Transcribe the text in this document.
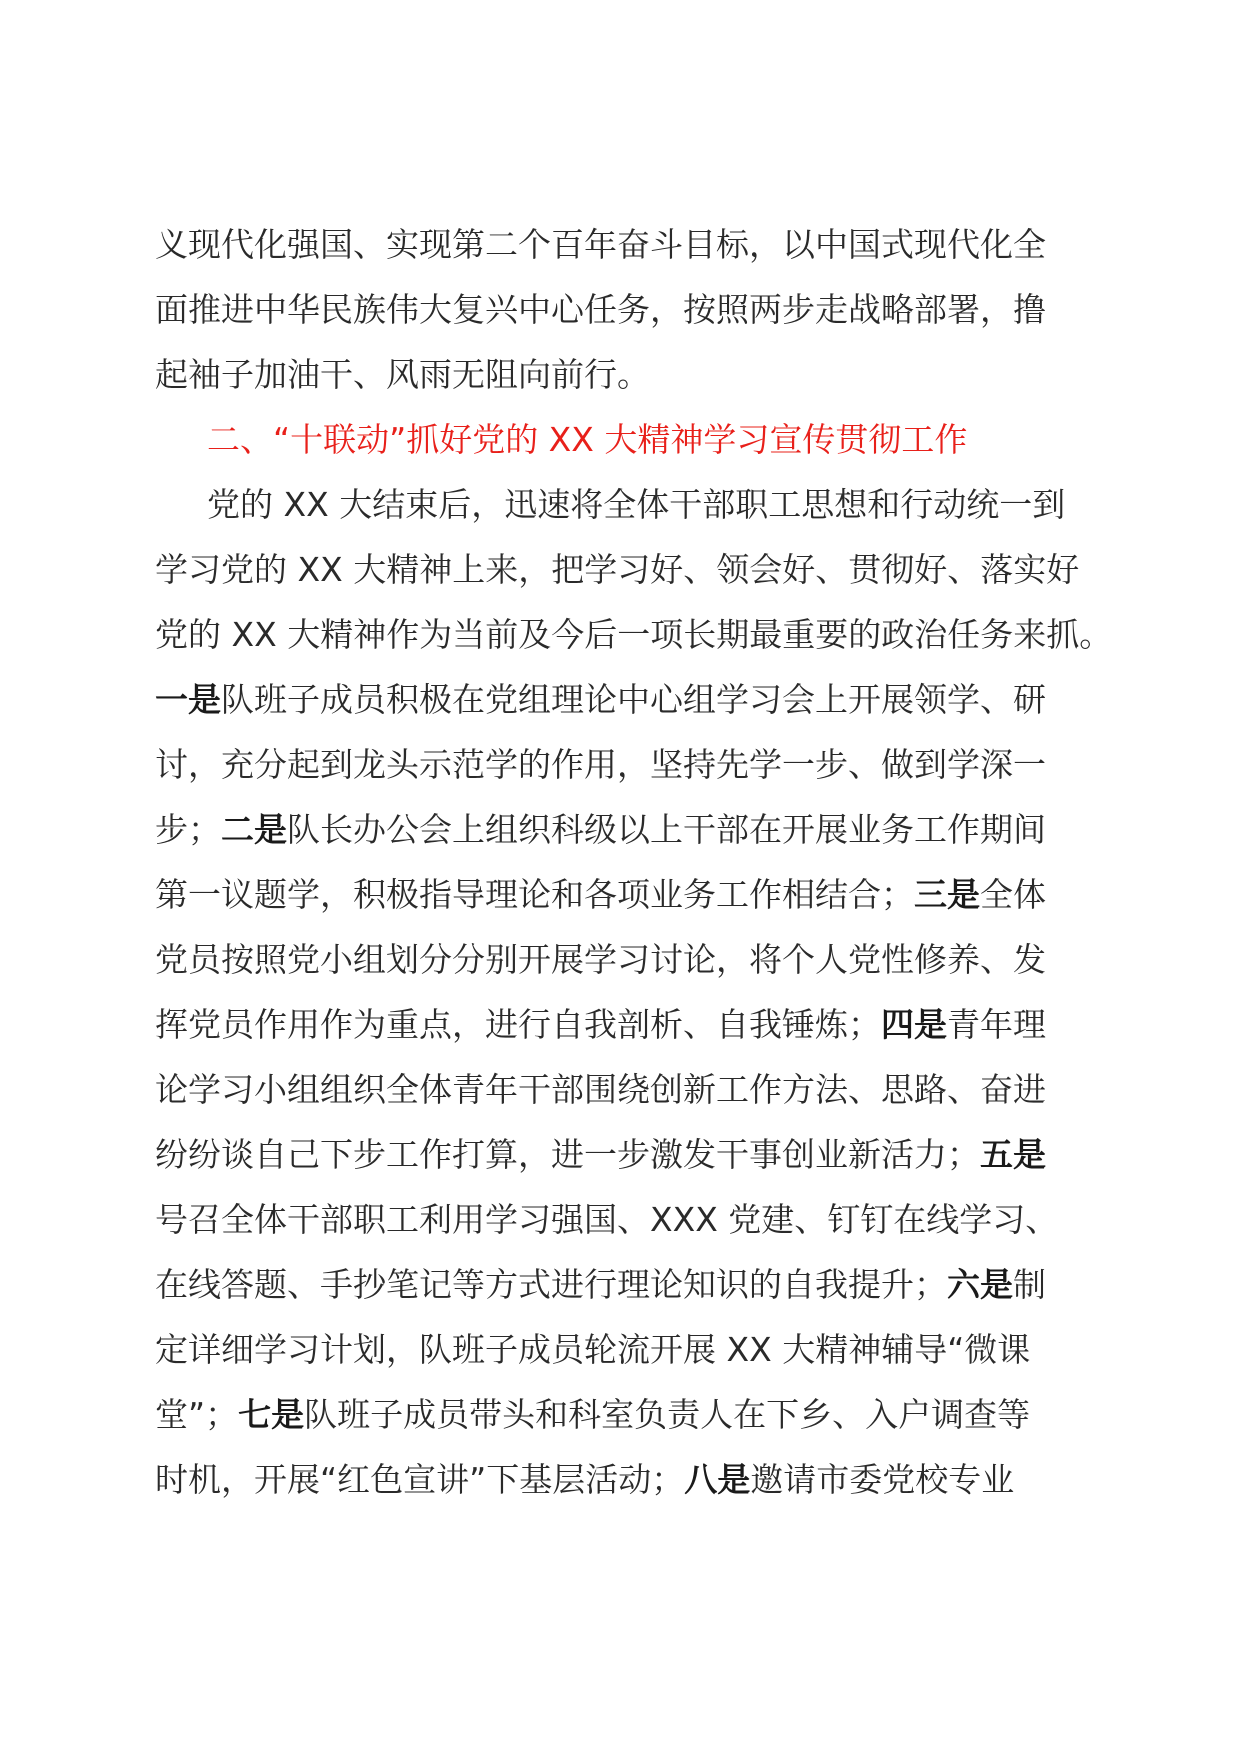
义现代化强国、实现第二个百年奋斗目标，以中国式现代化全
面推进中华民族伟大复兴中心任务，按照两步走战略部署，撸
起袖子加油干、风雨无阻向前行。
二、“十联动”抓好党的 XX 大精神学习宣传贯彻工作
党的 XX 大结束后，迅速将全体干部职工思想和行动统一到
学习党的 XX 大精神上来，把学习好、领会好、贯彻好、落实好
党的 XX 大精神作为当前及今后一项长期最重要的政治任务来抓。
一是队班子成员积极在党组理论中心组学习会上开展领学、研
讨，充分起到龙头示范学的作用，坚持先学一步、做到学深一
步；二是队长办公会上组织科级以上干部在开展业务工作期间
第一议题学，积极指导理论和各项业务工作相结合；三是全体
党员按照党小组划分分别开展学习讨论，将个人党性修养、发
挥党员作用作为重点，进行自我剖析、自我锤炼；四是青年理
论学习小组组织全体青年干部围绕创新工作方法、思路、奋进
纷纷谈自己下步工作打算，进一步激发干事创业新活力；五是
号召全体干部职工利用学习强国、XXX 党建、钉钉在线学习、
在线答题、手抄笔记等方式进行理论知识的自我提升；六是制
定详细学习计划，队班子成员轮流开展 XX 大精神辅导“微课
堂”；七是队班子成员带头和科室负责人在下乡、入户调查等
时机，开展“红色宣讲”下基层活动；八是邀请市委党校专业
